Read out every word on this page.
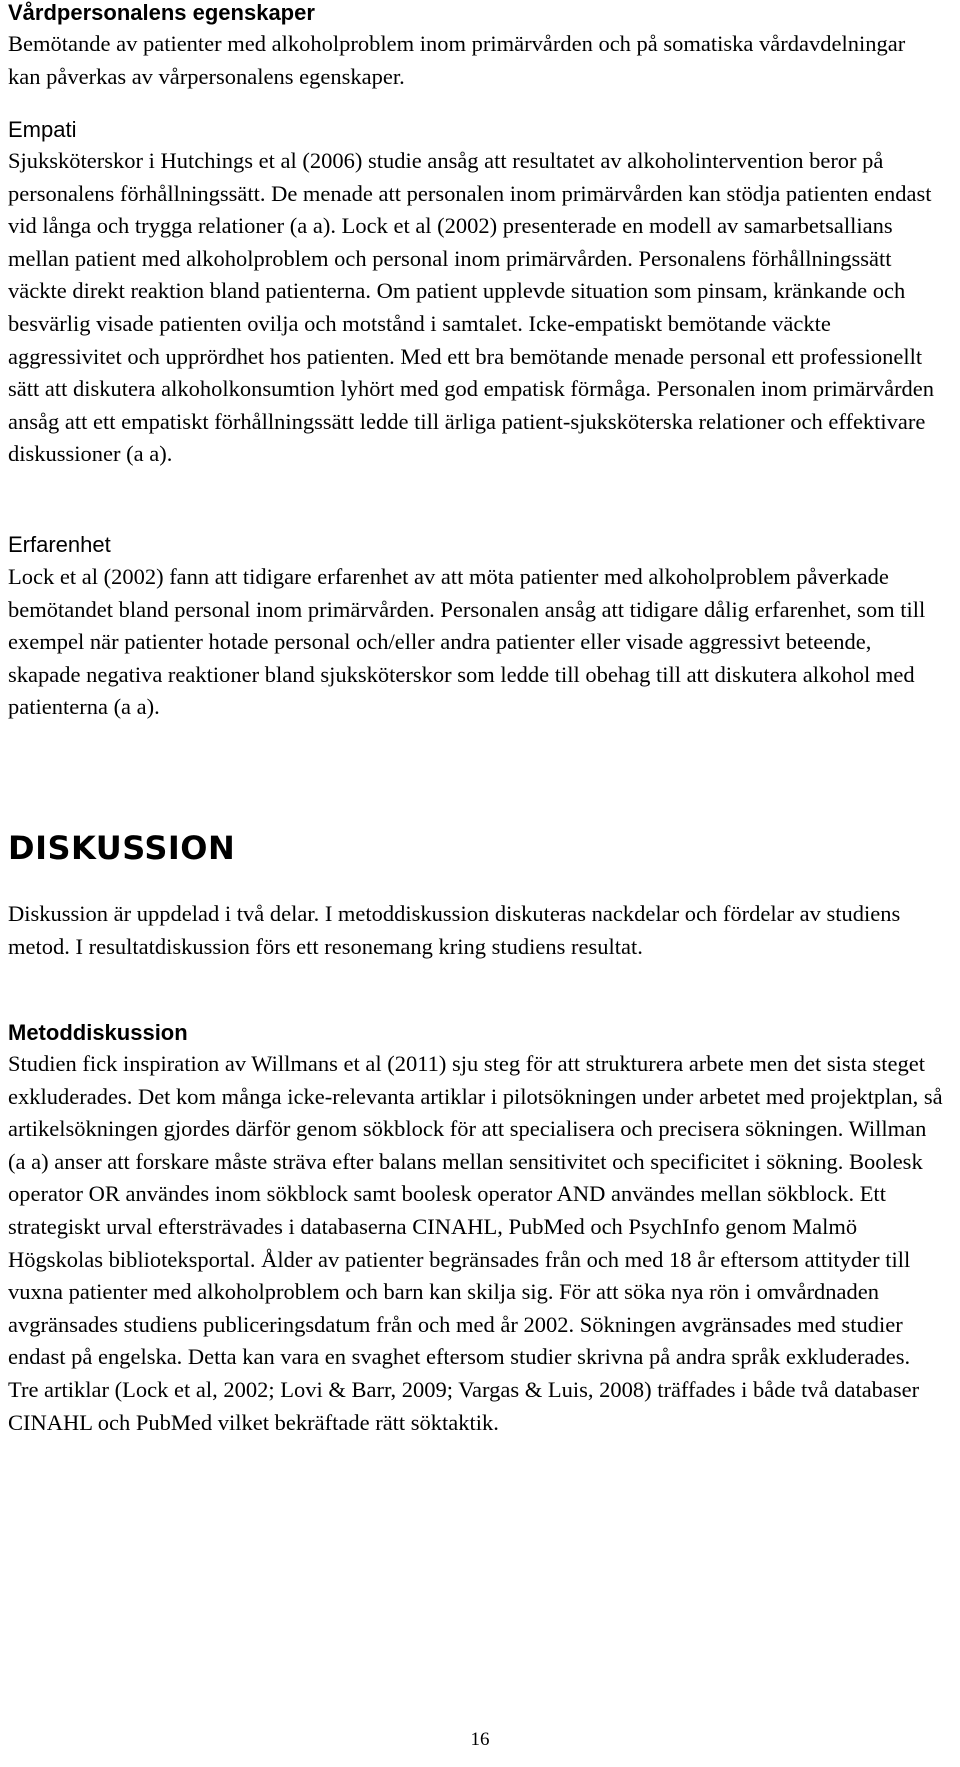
Vårdpersonalens egenskaper

Bemötande av patienter med alkoholproblem inom primärvården och på somatiska vårdavdelningar kan påverkas av vårpersonalens egenskaper.

Empati

Sjuksköterskor i Hutchings et al (2006) studie ansåg att resultatet av alkoholintervention beror på personalens förhållningssätt. De menade att personalen inom primärvården kan stödja patienten endast vid långa och trygga relationer (a a). Lock et al (2002) presenterade en modell av samarbetsallians mellan patient med alkoholproblem och personal inom primärvården. Personalens förhållningssätt väckte direkt reaktion bland patienterna. Om patient upplevde situation som pinsam, kränkande och besvärlig visade patienten ovilja och motstånd i samtalet. Icke-empatiskt bemötande väckte aggressivitet och upprördhet hos patienten. Med ett bra bemötande menade personal ett professionellt sätt att diskutera alkoholkonsumtion lyhört med god empatisk förmåga. Personalen inom primärvården ansåg att ett empatiskt förhållningssätt ledde till ärliga patient-sjuksköterska relationer och effektivare diskussioner (a a).

Erfarenhet

Lock et al (2002) fann att tidigare erfarenhet av att möta patienter med alkoholproblem påverkade bemötandet bland personal inom primärvården. Personalen ansåg att tidigare dålig erfarenhet, som till exempel när patienter hotade personal och/eller andra patienter eller visade aggressivt beteende, skapade negativa reaktioner bland sjuksköterskor som ledde till obehag till att diskutera alkohol med patienterna (a a).

DISKUSSION

Diskussion är uppdelad i två delar. I metoddiskussion diskuteras nackdelar och fördelar av studiens metod. I resultatdiskussion förs ett resonemang kring studiens resultat.

Metoddiskussion

Studien fick inspiration av Willmans et al (2011) sju steg för att strukturera arbete men det sista steget exkluderades. Det kom många icke-relevanta artiklar i pilotsökningen under arbetet med projektplan, så artikelsökningen gjordes därför genom sökblock för att specialisera och precisera sökningen. Willman (a a) anser att forskare måste sträva efter balans mellan sensitivitet och specificitet i sökning. Boolesk operator OR användes inom sökblock samt boolesk operator AND användes mellan sökblock. Ett strategiskt urval eftersträvades i databaserna CINAHL, PubMed och PsychInfo genom Malmö Högskolas biblioteksportal. Ålder av patienter begränsades från och med 18 år eftersom attityder till vuxna patienter med alkoholproblem och barn kan skilja sig. För att söka nya rön i omvårdnaden avgränsades studiens publiceringsdatum från och med år 2002. Sökningen avgränsades med studier endast på engelska. Detta kan vara en svaghet eftersom studier skrivna på andra språk exkluderades. Tre artiklar (Lock et al, 2002; Lovi & Barr, 2009; Vargas & Luis, 2008) träffades i både två databaser CINAHL och PubMed vilket bekräftade rätt söktaktik.

16
